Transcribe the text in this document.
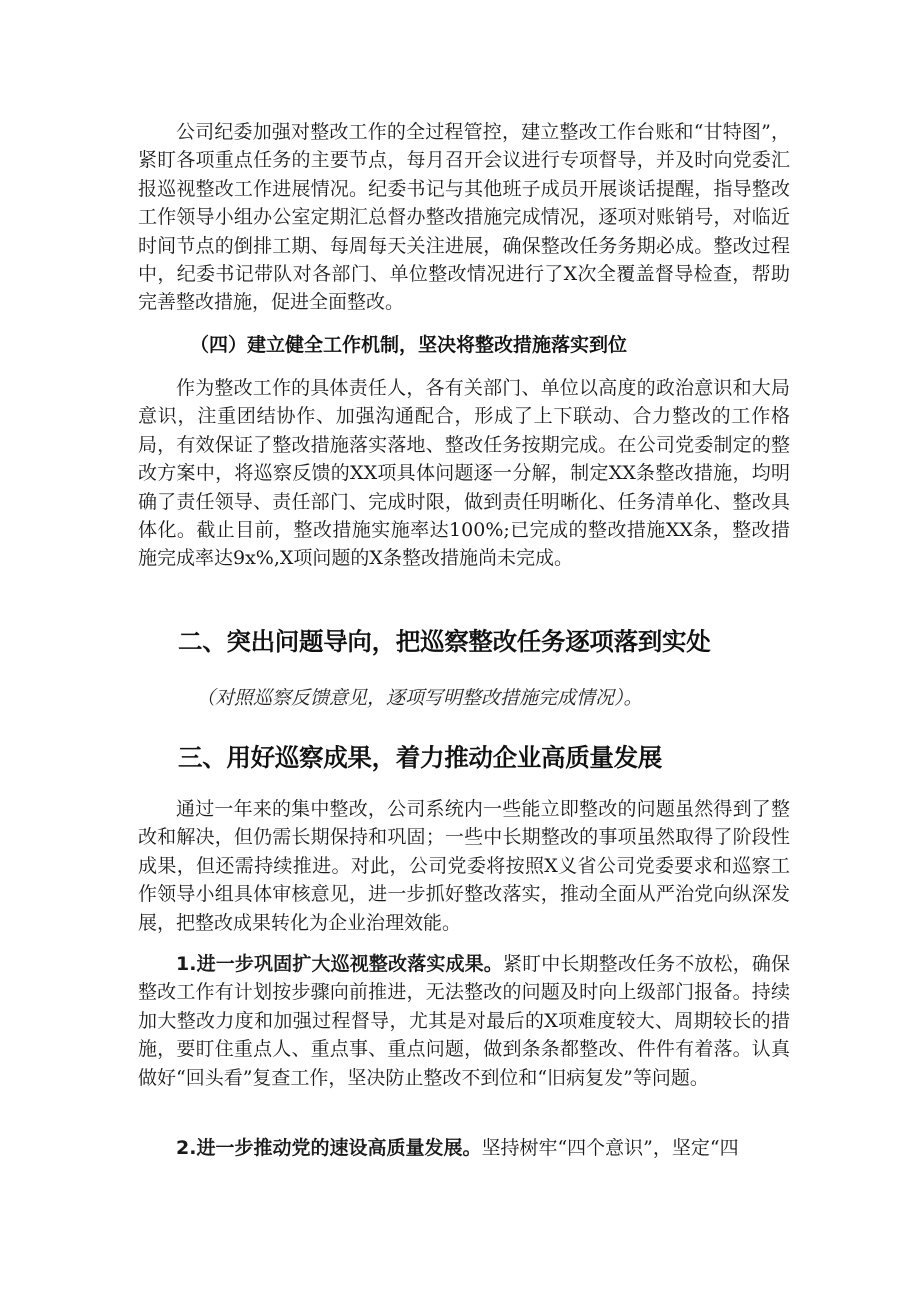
公司纪委加强对整改工作的全过程管控，建立整改工作台账和“甘特图”，紧盯各项重点任务的主要节点，每月召开会议进行专项督导，并及时向党委汇报巡视整改工作进展情况。纪委书记与其他班子成员开展谈话提醒，指导整改工作领导小组办公室定期汇总督办整改措施完成情况，逐项对账销号，对临近时间节点的倒排工期、每周每天关注进展，确保整改任务务期必成。整改过程中，纪委书记带队对各部门、单位整改情况进行了X次全覆盖督导检查，帮助完善整改措施，促进全面整改。

（四）建立健全工作机制，坚决将整改措施落实到位

作为整改工作的具体责任人，各有关部门、单位以高度的政治意识和大局意识，注重团结协作、加强沟通配合，形成了上下联动、合力整改的工作格局，有效保证了整改措施落实落地、整改任务按期完成。在公司党委制定的整改方案中，将巡察反馈的XX项具体问题逐一分解，制定XX条整改措施，均明确了责任领导、责任部门、完成时限，做到责任明晰化、任务清单化、整改具体化。截止目前，整改措施实施率达100%;已完成的整改措施XX条，整改措施完成率达9x%,X项问题的X条整改措施尚未完成。

二、突出问题导向，把巡察整改任务逐项落到实处

（对照巡察反馈意见，逐项写明整改措施完成情况）。

三、用好巡察成果，着力推动企业高质量发展

通过一年来的集中整改，公司系统内一些能立即整改的问题虽然得到了整改和解决，但仍需长期保持和巩固；一些中长期整改的事项虽然取得了阶段性成果，但还需持续推进。对此，公司党委将按照X义省公司党委要求和巡察工作领导小组具体审核意见，进一步抓好整改落实，推动全面从严治党向纵深发展，把整改成果转化为企业治理效能。

1.进一步巩固扩大巡视整改落实成果。紧盯中长期整改任务不放松，确保整改工作有计划按步骤向前推进，无法整改的问题及时向上级部门报备。持续加大整改力度和加强过程督导，尤其是对最后的X项难度较大、周期较长的措施，要盯住重点人、重点事、重点问题，做到条条都整改、件件有着落。认真做好“回头看”复查工作，坚决防止整改不到位和“旧病复发”等问题。

2.进一步推动党的速设高质量发展。坚持树牢“四个意识”，坚定“四
